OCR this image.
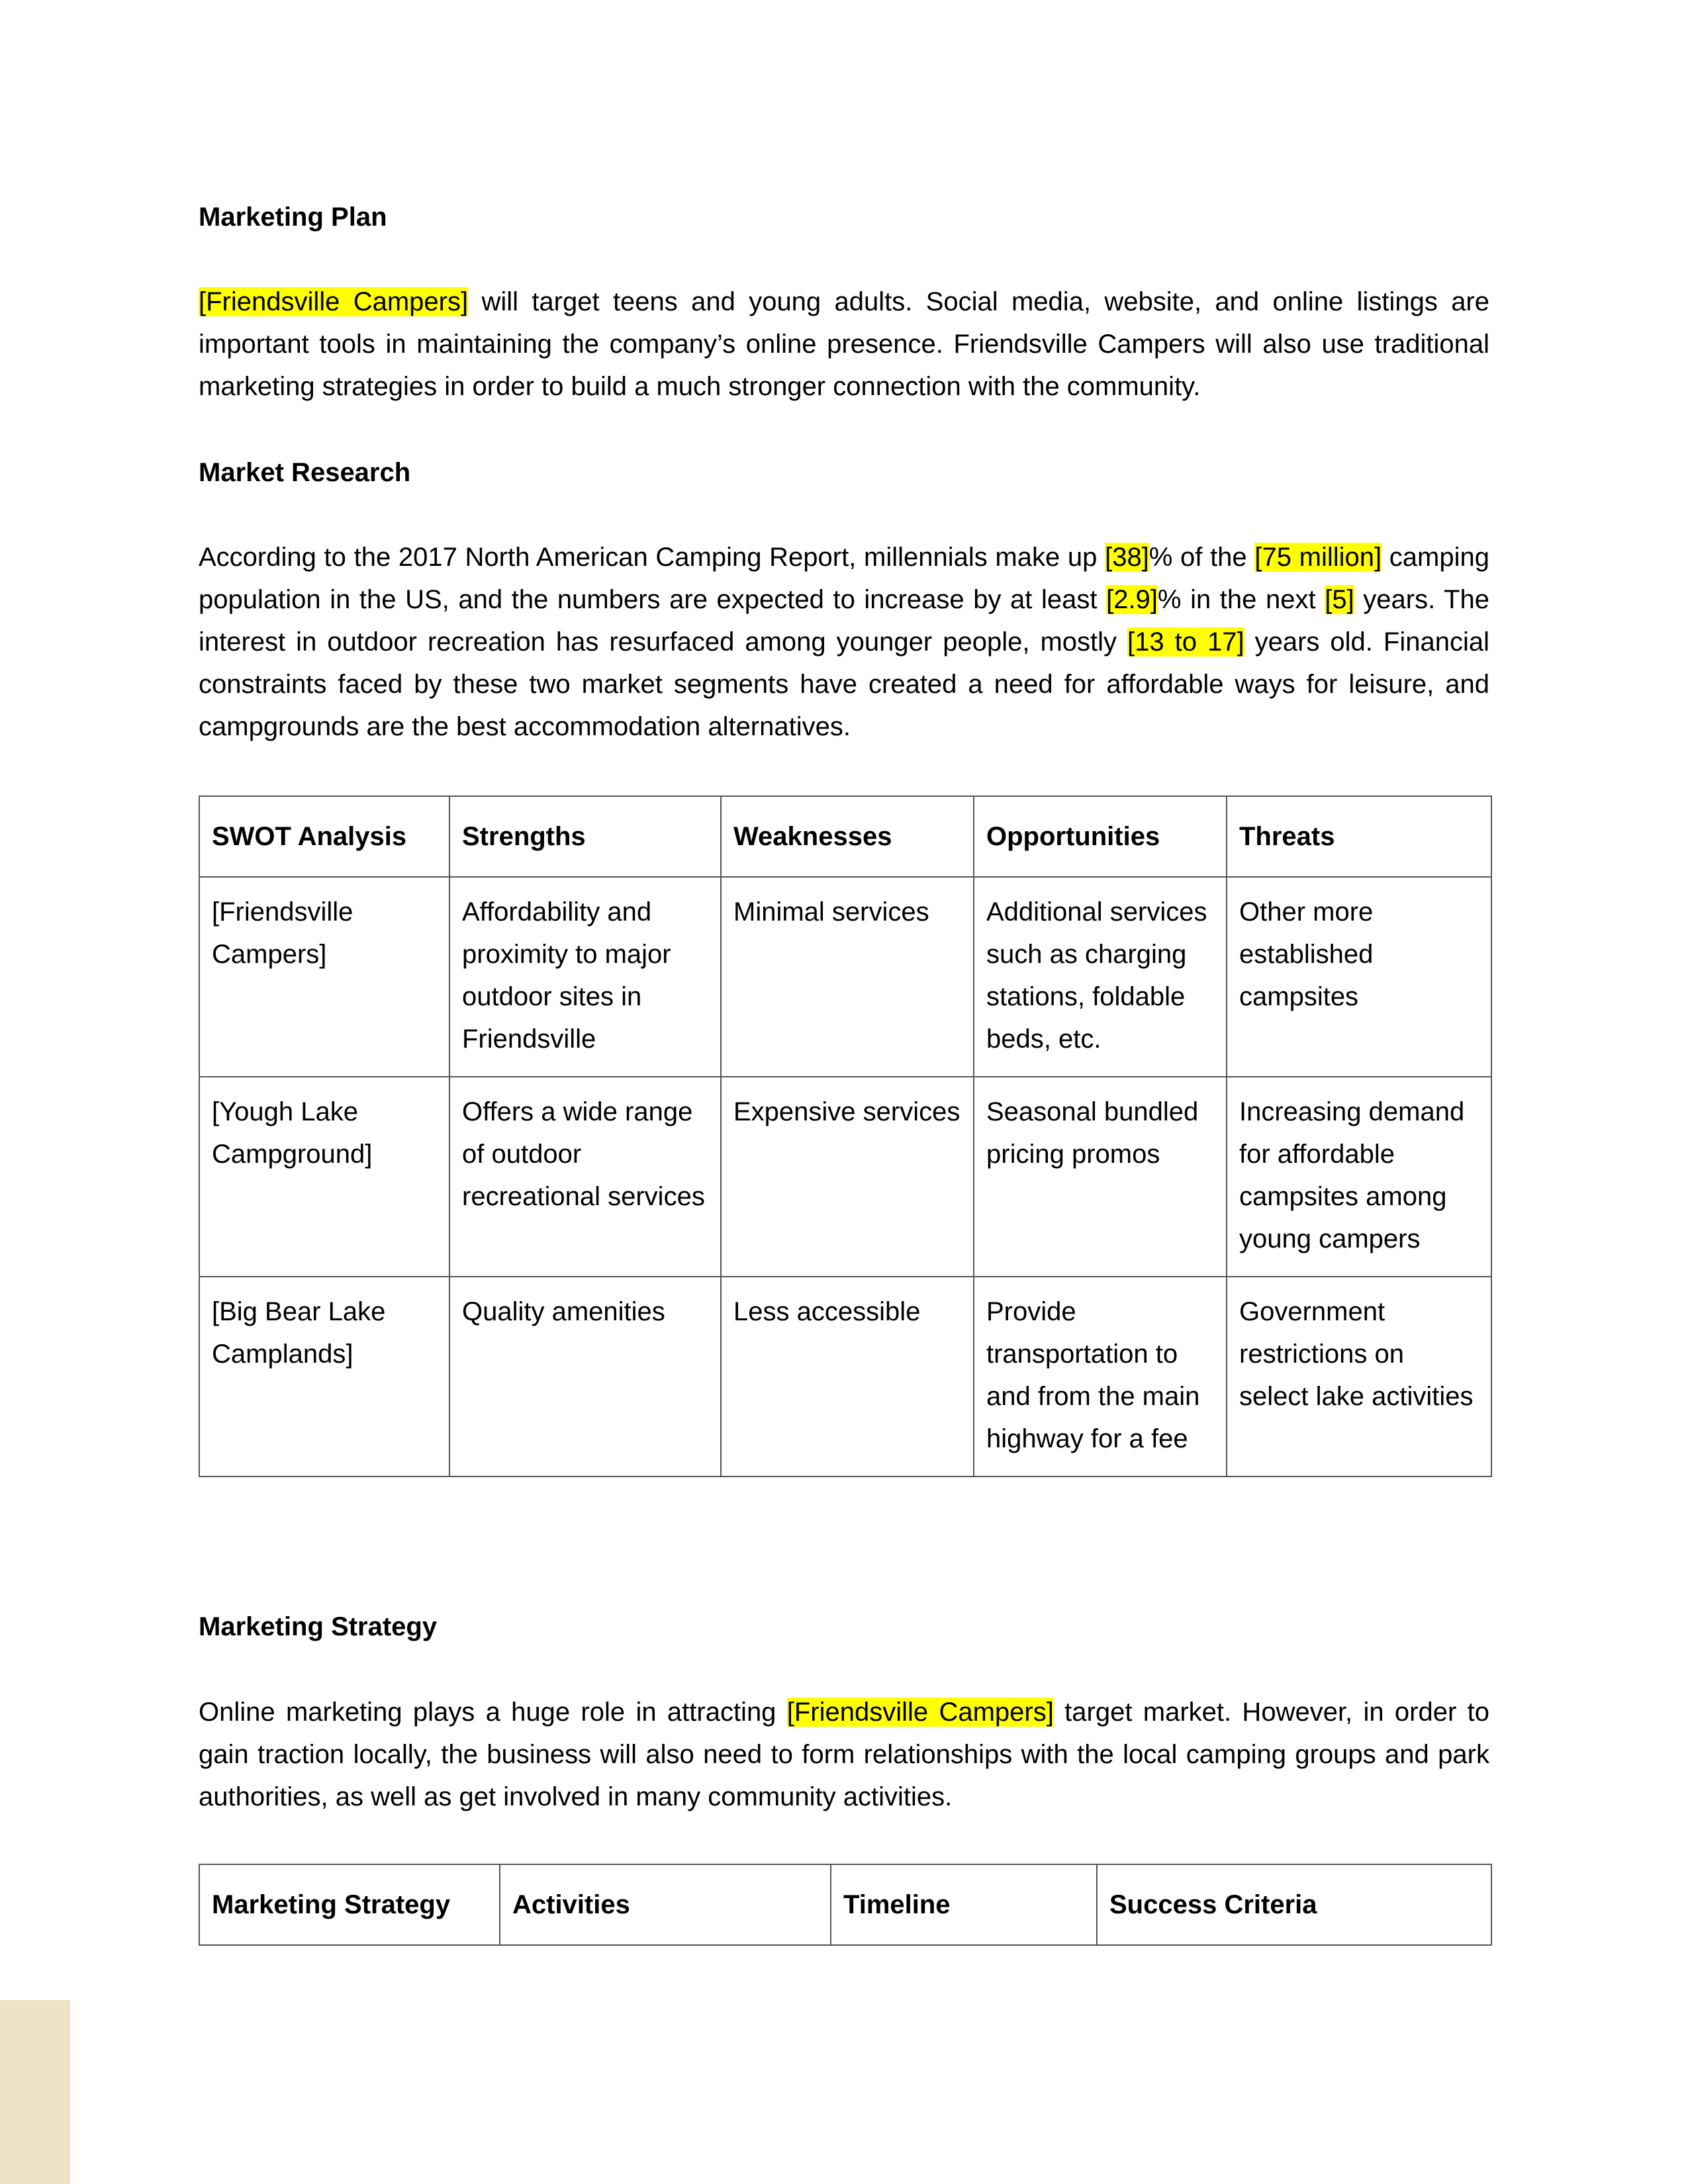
Marketing Plan

[Friendsville Campers] will target teens and young adults. Social media, website, and online listings are important tools in maintaining the company’s online presence. Friendsville Campers will also use traditional marketing strategies in order to build a much stronger connection with the community.

Market Research

According to the 2017 North American Camping Report, millennials make up [38]% of the [75 million] camping population in the US, and the numbers are expected to increase by at least [2.9]% in the next [5] years. The interest in outdoor recreation has resurfaced among younger people, mostly [13 to 17] years old. Financial constraints faced by these two market segments have created a need for affordable ways for leisure, and campgrounds are the best accommodation alternatives.

SWOT Analysis	Strengths	Weaknesses	Opportunities	Threats
[Friendsville Campers]	Affordability and proximity to major outdoor sites in Friendsville	Minimal services	Additional services such as charging stations, foldable beds, etc.	Other more established campsites
[Yough Lake Campground]	Offers a wide range of outdoor recreational services	Expensive services	Seasonal bundled pricing promos	Increasing demand for affordable campsites among young campers
[Big Bear Lake Camplands]	Quality amenities	Less accessible	Provide transportation to and from the main highway for a fee	Government restrictions on select lake activities
Marketing Strategy

Online marketing plays a huge role in attracting [Friendsville Campers] target market. However, in order to gain traction locally, the business will also need to form relationships with the local camping groups and park authorities, as well as get involved in many community activities.

Marketing Strategy	Activities	Timeline	Success Criteria
